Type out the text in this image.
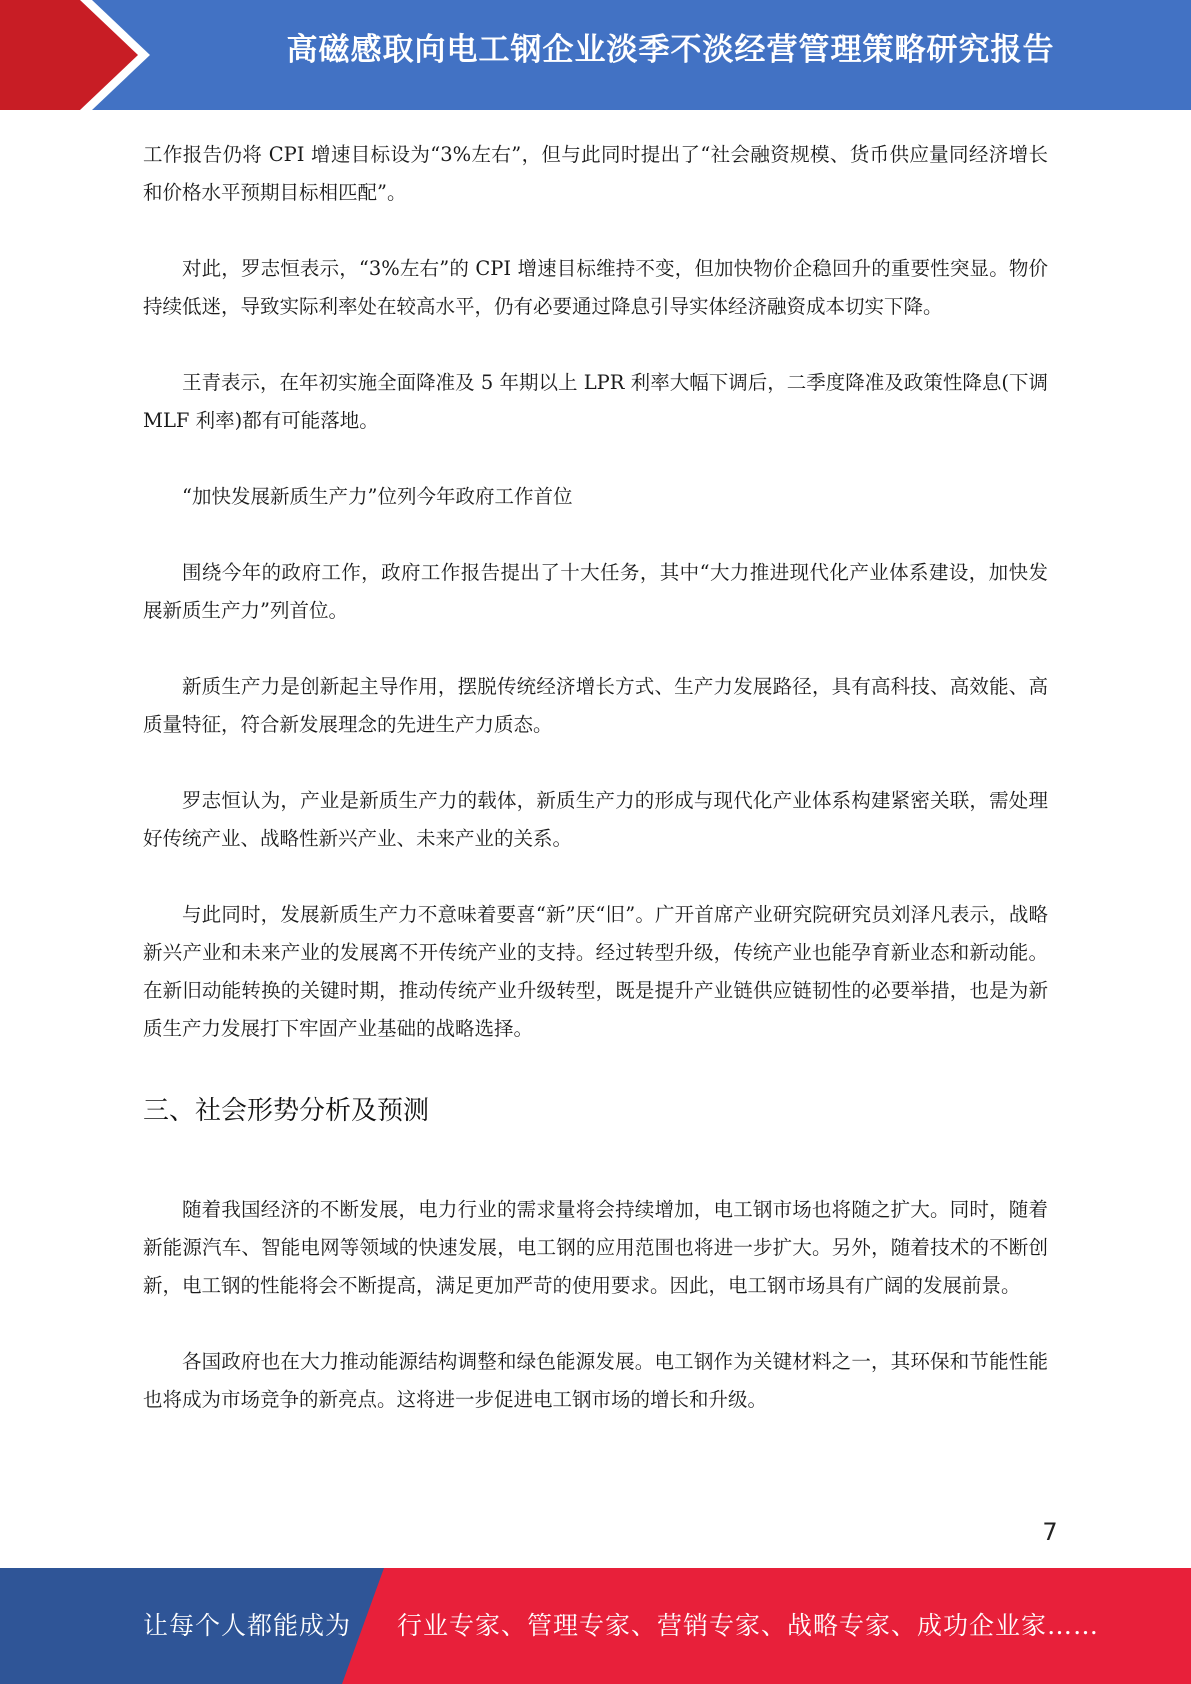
高磁感取向电工钢企业淡季不淡经营管理策略研究报告

工作报告仍将 CPI 增速目标设为“3%左右”，但与此同时提出了“社会融资规模、货币供应量同经济增长和价格水平预期目标相匹配”。

对此，罗志恒表示，“3%左右”的 CPI 增速目标维持不变，但加快物价企稳回升的重要性突显。物价持续低迷，导致实际利率处在较高水平，仍有必要通过降息引导实体经济融资成本切实下降。

王青表示，在年初实施全面降准及 5 年期以上 LPR 利率大幅下调后，二季度降准及政策性降息(下调 MLF 利率)都有可能落地。

“加快发展新质生产力”位列今年政府工作首位

围绕今年的政府工作，政府工作报告提出了十大任务，其中“大力推进现代化产业体系建设，加快发展新质生产力”列首位。

新质生产力是创新起主导作用，摆脱传统经济增长方式、生产力发展路径，具有高科技、高效能、高质量特征，符合新发展理念的先进生产力质态。

罗志恒认为，产业是新质生产力的载体，新质生产力的形成与现代化产业体系构建紧密关联，需处理好传统产业、战略性新兴产业、未来产业的关系。

与此同时，发展新质生产力不意味着要喜“新”厌“旧”。广开首席产业研究院研究员刘泽凡表示，战略新兴产业和未来产业的发展离不开传统产业的支持。经过转型升级，传统产业也能孕育新业态和新动能。在新旧动能转换的关键时期，推动传统产业升级转型，既是提升产业链供应链韧性的必要举措，也是为新质生产力发展打下牢固产业基础的战略选择。

三、社会形势分析及预测

随着我国经济的不断发展，电力行业的需求量将会持续增加，电工钢市场也将随之扩大。同时，随着新能源汽车、智能电网等领域的快速发展，电工钢的应用范围也将进一步扩大。另外，随着技术的不断创新，电工钢的性能将会不断提高，满足更加严苛的使用要求。因此，电工钢市场具有广阔的发展前景。

各国政府也在大力推动能源结构调整和绿色能源发展。电工钢作为关键材料之一，其环保和节能性能也将成为市场竞争的新亮点。这将进一步促进电工钢市场的增长和升级。

7
让每个人都能成为 行业专家、管理专家、营销专家、战略专家、成功企业家……
